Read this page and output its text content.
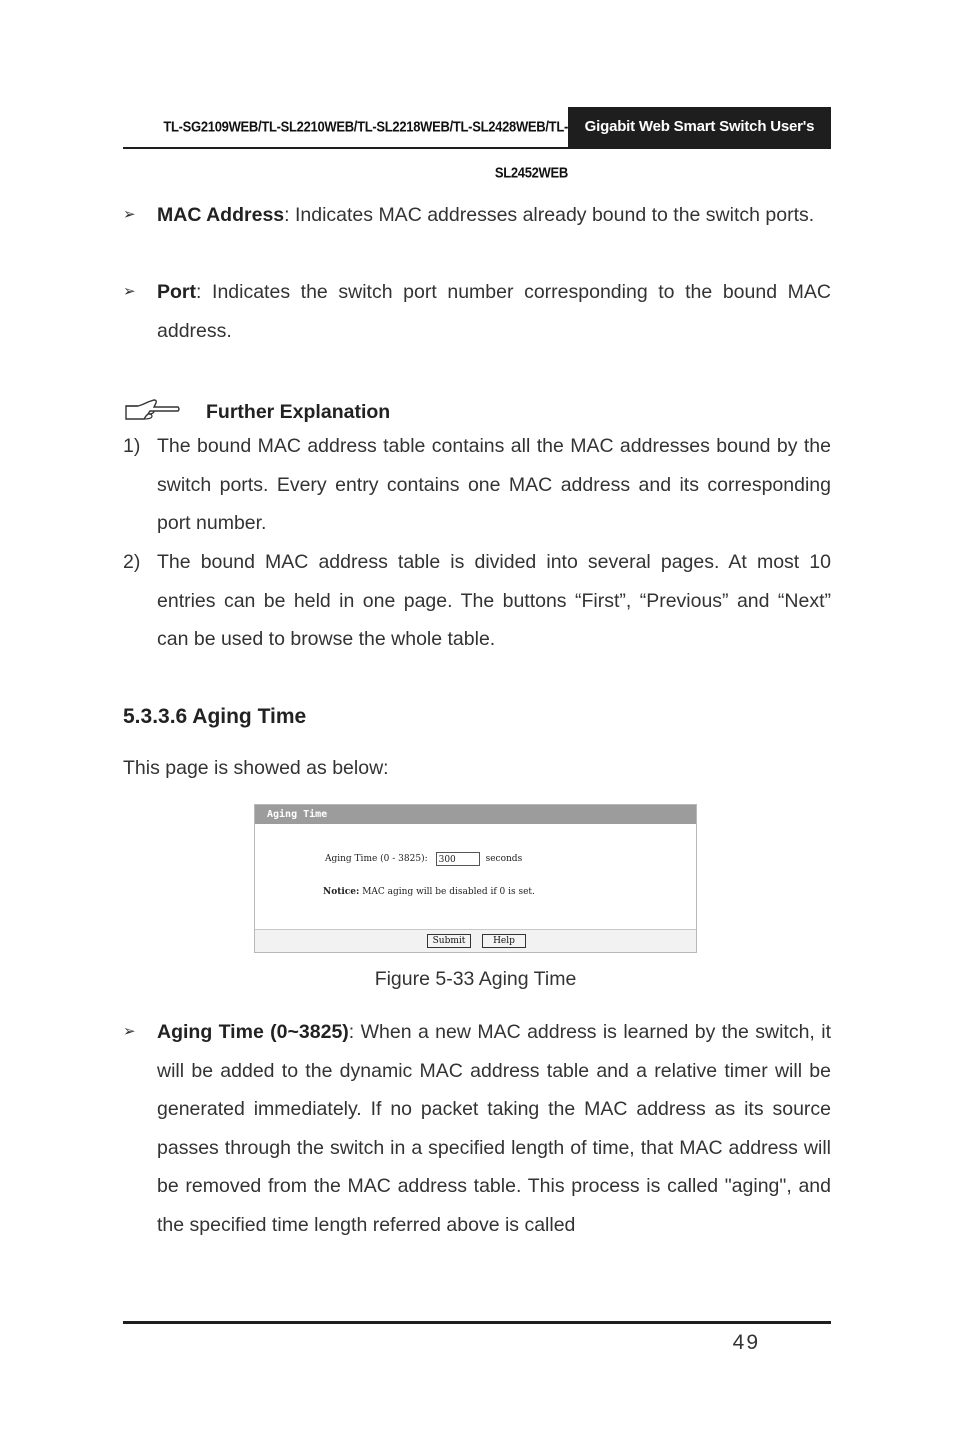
TL-SG2109WEB/TL-SL2210WEB/TL-SL2218WEB/TL-SL2428WEB/TL-SL2452WEB
Gigabit Web Smart Switch User's Guide
➢ MAC Address: Indicates MAC addresses already bound to the switch ports.
➢ Port: Indicates the switch port number corresponding to the bound MAC address.
Further Explanation
1) The bound MAC address table contains all the MAC addresses bound by the switch ports. Every entry contains one MAC address and its corresponding port number.
2) The bound MAC address table is divided into several pages. At most 10 entries can be held in one page. The buttons “First”, “Previous” and “Next” can be used to browse the whole table.
5.3.3.6 Aging Time
This page is showed as below:
Aging Time
Aging Time (0 - 3825): 300	seconds
Notice: MAC aging will be disabled if 0 is set.
Submit	Help
Figure 5-33 Aging Time
➢ Aging Time (0~3825): When a new MAC address is learned by the switch, it will be added to the dynamic MAC address table and a relative timer will be generated immediately. If no packet taking the MAC address as its source passes through the switch in a specified length of time, that MAC address will be removed from the MAC address table. This process is called "aging", and the specified time length referred above is called
49
